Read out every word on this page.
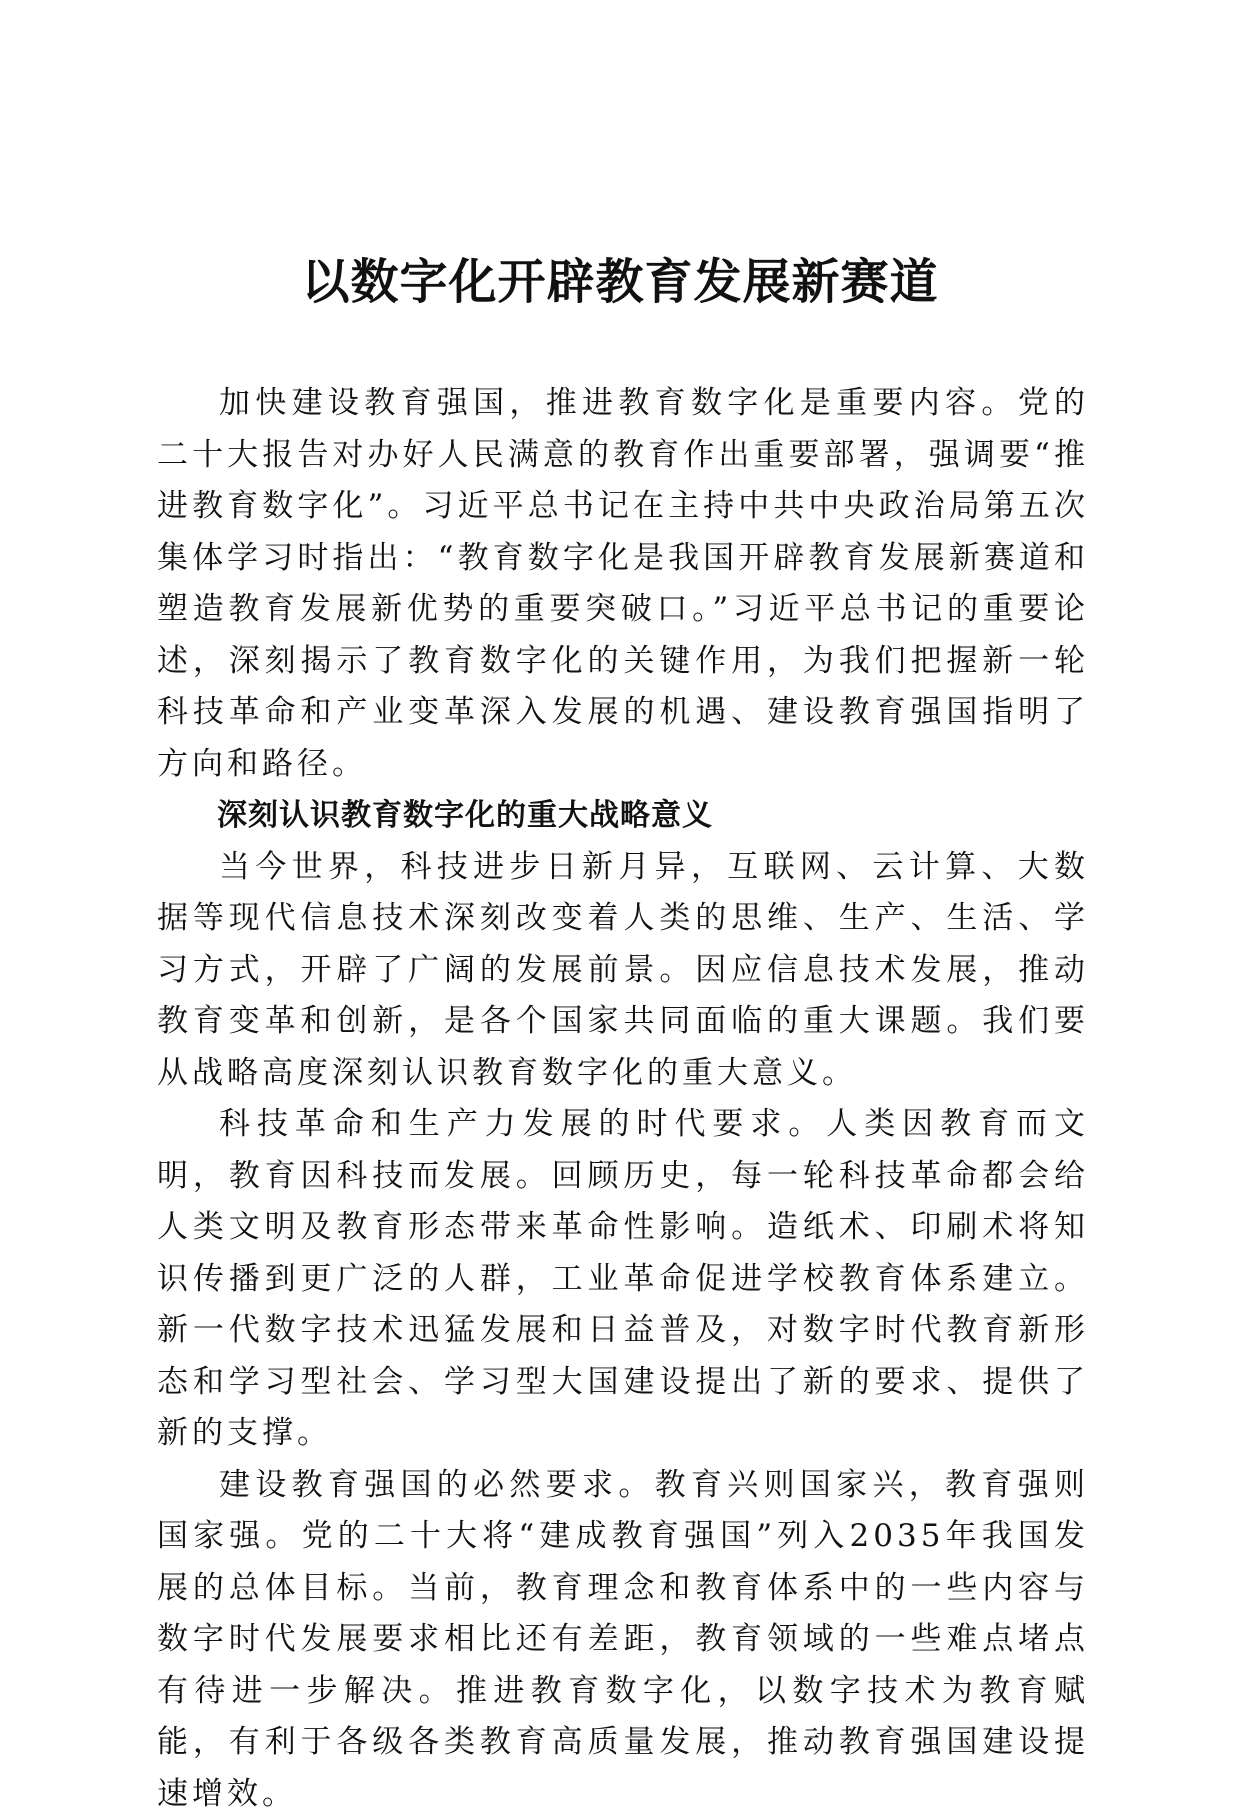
以数字化开辟教育发展新赛道

加快建设教育强国，推进教育数字化是重要内容。党的二十大报告对办好人民满意的教育作出重要部署，强调要“推进教育数字化”。习近平总书记在主持中共中央政治局第五次集体学习时指出：“教育数字化是我国开辟教育发展新赛道和塑造教育发展新优势的重要突破口。”习近平总书记的重要论述，深刻揭示了教育数字化的关键作用，为我们把握新一轮科技革命和产业变革深入发展的机遇、建设教育强国指明了方向和路径。

深刻认识教育数字化的重大战略意义

当今世界，科技进步日新月异，互联网、云计算、大数据等现代信息技术深刻改变着人类的思维、生产、生活、学习方式，开辟了广阔的发展前景。因应信息技术发展，推动教育变革和创新，是各个国家共同面临的重大课题。我们要从战略高度深刻认识教育数字化的重大意义。

科技革命和生产力发展的时代要求。人类因教育而文明，教育因科技而发展。回顾历史，每一轮科技革命都会给人类文明及教育形态带来革命性影响。造纸术、印刷术将知识传播到更广泛的人群，工业革命促进学校教育体系建立。新一代数字技术迅猛发展和日益普及，对数字时代教育新形态和学习型社会、学习型大国建设提出了新的要求、提供了新的支撑。

建设教育强国的必然要求。教育兴则国家兴，教育强则国家强。党的二十大将“建成教育强国”列入2035年我国发展的总体目标。当前，教育理念和教育体系中的一些内容与数字时代发展要求相比还有差距，教育领域的一些难点堵点有待进一步解决。推进教育数字化，以数字技术为教育赋能，有利于各级各类教育高质量发展，推动教育强国建设提速增效。
